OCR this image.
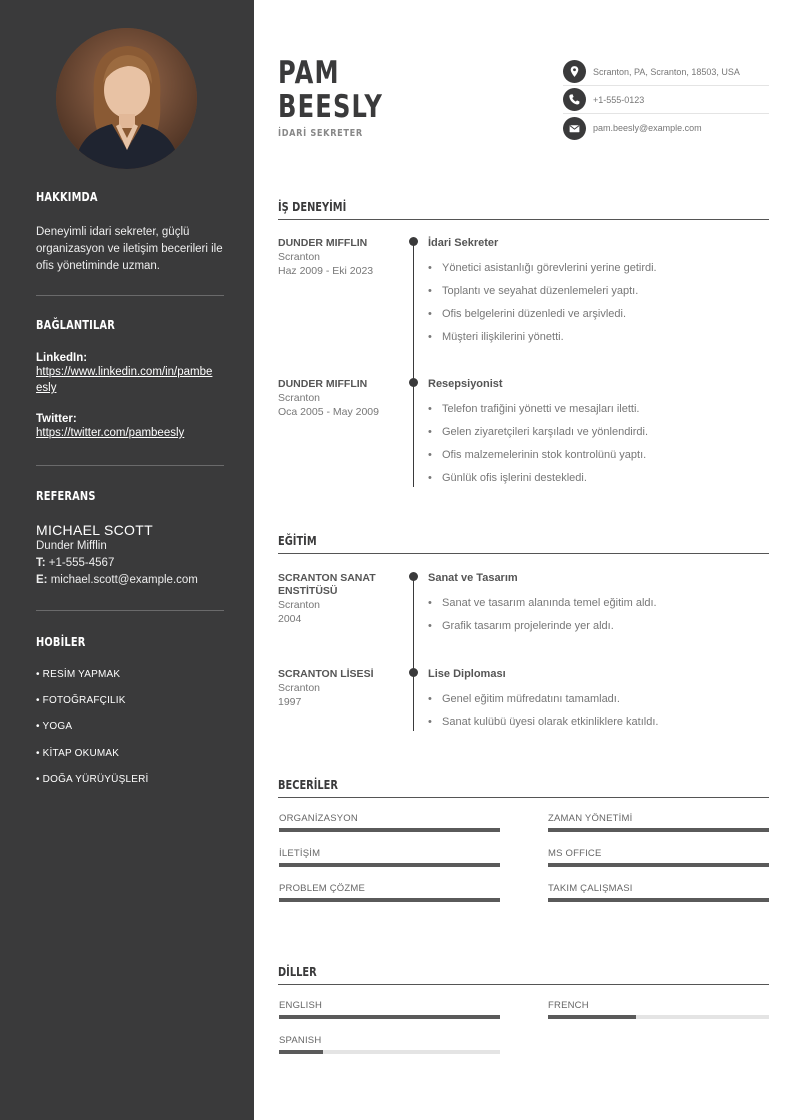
HAKKIMDA
Deneyimli idari sekreter, güçlü organizasyon ve iletişim becerileri ile ofis yönetiminde uzman.
BAĞLANTILAR
LinkedIn:
https://www.linkedin.com/in/pambeesly
Twitter:
https://twitter.com/pambeesly
REFERANS
MICHAEL SCOTT
Dunder Mifflin
T: +1-555-4567
E: michael.scott@example.com
HOBİLER
• RESİM YAPMAK
• FOTOĞRAFÇILIK
• YOGA
• KİTAP OKUMAK
• DOĞA YÜRÜYÜŞLERİ
PAM
BEESLY
İDARİ SEKRETER
Scranton, PA, Scranton, 18503, USA
+1-555-0123
pam.beesly@example.com
İŞ DENEYİMİ
DUNDER MIFFLIN
Scranton
Haz 2009 - Eki 2023
İdari Sekreter
• Yönetici asistanlığı görevlerini yerine getirdi.
• Toplantı ve seyahat düzenlemeleri yaptı.
• Ofis belgelerini düzenledi ve arşivledi.
• Müşteri ilişkilerini yönetti.
DUNDER MIFFLIN
Scranton
Oca 2005 - May 2009
Resepsiyonist
• Telefon trafiğini yönetti ve mesajları iletti.
• Gelen ziyaretçileri karşıladı ve yönlendirdi.
• Ofis malzemelerinin stok kontrolünü yaptı.
• Günlük ofis işlerini destekledi.
EĞİTİM
SCRANTON SANAT ENSTİTÜSÜ
Scranton
2004
Sanat ve Tasarım
• Sanat ve tasarım alanında temel eğitim aldı.
• Grafik tasarım projelerinde yer aldı.
SCRANTON LİSESİ
Scranton
1997
Lise Diploması
• Genel eğitim müfredatını tamamladı.
• Sanat kulübü üyesi olarak etkinliklere katıldı.
BECERİLER
ORGANİZASYON	ZAMAN YÖNETİMİ
İLETİŞİM	MS OFFICE
PROBLEM ÇÖZME	TAKIM ÇALIŞMASI
DİLLER
ENGLISH	FRENCH
SPANISH
